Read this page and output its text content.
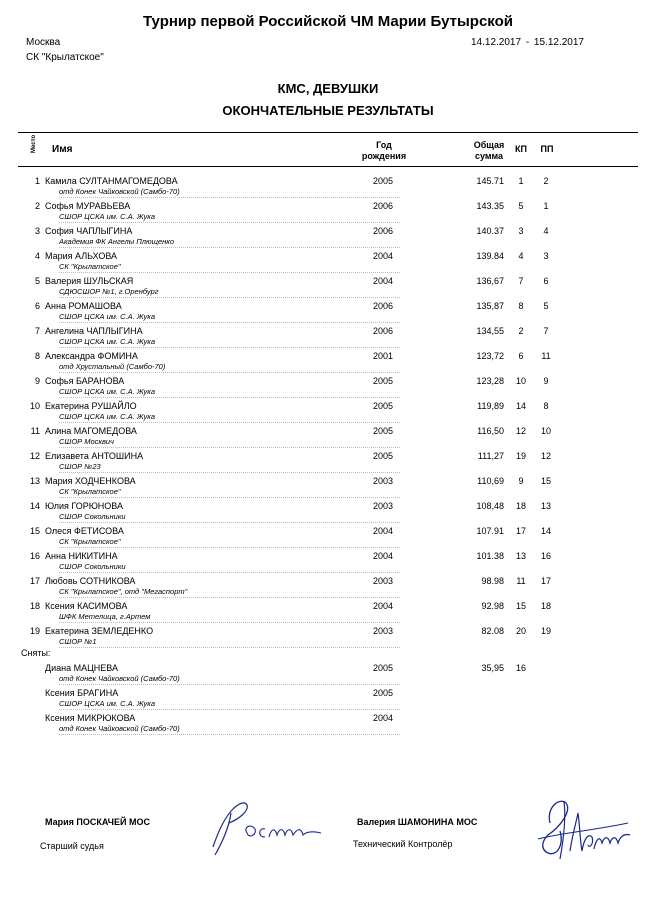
Турнир первой Российской ЧМ Марии Бутырской
Москва
СК "Крылатское"
14.12.2017 - 15.12.2017
КМС, ДЕВУШКИ
ОКОНЧАТЕЛЬНЫЕ РЕЗУЛЬТАТЫ
Место Имя	Год
рождения
Общая
сумма
КП	ПП
1 Камила СУЛТАНМАГОМЕДОВА
отд Конек Чайковской (Самбо-70)
2005	145.71	1	2
2 Софья МУРАВЬЕВА
СШОР ЦСКА им. С.А. Жука
2006	143.35	5	1
3 София ЧАПЛЫГИНА
Академия ФК Ангелы Плющенко
2006	140.37	3	4
4 Мария АЛЬХОВА
СК "Крылатское"
2004	139.84	4	3
5 Валерия ШУЛЬСКАЯ
СДЮСШОР №1, г.Оренбург
2004	136,67	7	6
6 Анна РОМАШОВА
СШОР ЦСКА им. С.А. Жука
2006	135,87	8	5
7 Ангелина ЧАПЛЫГИНА
СШОР ЦСКА им. С.А. Жука
2006	134,55	2	7
8 Александра ФОМИНА
отд Хрустальный (Самбо-70)
2001	123,72	6	11
9 Софья БАРАНОВА
СШОР ЦСКА им. С.А. Жука
2005	123,28	10	9
10 Екатерина РУШАЙЛО
СШОР ЦСКА им. С.А. Жука
2005	119,89	14	8
11 Алина МАГОМЕДОВА
СШОР Москвич
2005	116,50	12	10
12 Елизавета АНТОШИНА
СШОР №23
2005	111,27	19	12
13 Мария ХОДЧЕНКОВА
СК "Крылатское"
2003	110,69	9	15
14 Юлия ГОРЮНОВА
СШОР Сокольники
2003	108,48	18	13
15 Олеся ФЕТИСОВА
СК "Крылатское"
2004	107.91	17	14
16 Анна НИКИТИНА
СШОР Сокольники
2004	101.38	13	16
17 Любовь СОТНИКОВА
СК "Крылатское", отд "Мегаспорт"
2003	98.98	11	17
18 Ксения КАСИМОВА
ШФК Метелица, г.Артем
2004	92.98	15	18
19 Екатерина ЗЕМЛЕДЕНКО
СШОР №1
2003	82.08	20	19
Сняты:
Диана МАЦНЕВА
отд Конек Чайковской (Самбо-70)
2005	35,95	16
Ксения БРАГИНА
СШОР ЦСКА им. С.А. Жука
2005
Ксения МИКРЮКОВА
отд Конек Чайковской (Самбо-70)
2004
Мария ПОСКАЧЕЙ МОС
Старший судья
Валерия ШАМОНИНА МОС
Технический Контролёр
